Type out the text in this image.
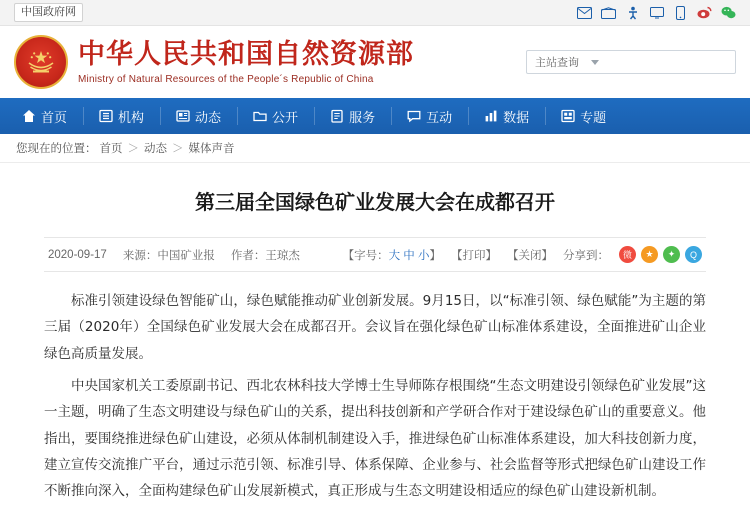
中国政府网
中华人民共和国自然资源部
Ministry of Natural Resources of the People´s Republic of China
主站查询
首页	机构	动态	公开	服务	互动	数据	专题
您现在的位置： 首页 ＞ 动态 ＞ 媒体声音
第三届全国绿色矿业发展大会在成都召开
2020-09-17 来源：中国矿业报 作者：王琼杰	【字号：大 中 小】 【打印】 【关闭】 分享到：	微	★	✦	Q

标准引领建设绿色智能矿山，绿色赋能推动矿业创新发展。9月15日，以“标准引领、绿色赋能”为主题的第三届（2020年）全国绿色矿业发展大会在成都召开。会议旨在强化绿色矿山标准体系建设，全面推进矿山企业绿色高质量发展。

中央国家机关工委原副书记、西北农林科技大学博士生导师陈存根围绕“生态文明建设引领绿色矿业发展”这一主题，明确了生态文明建设与绿色矿山的关系，提出科技创新和产学研合作对于建设绿色矿山的重要意义。他指出，要围绕推进绿色矿山建设，必须从体制机制建设入手，推进绿色矿山标准体系建设，加大科技创新力度，建立宣传交流推广平台，通过示范引领、标准引导、体系保障、企业参与、社会监督等形式把绿色矿山建设工作不断推向深入，全面构建绿色矿山发展新模式，真正形成与生态文明建设相适应的绿色矿山建设新机制。
